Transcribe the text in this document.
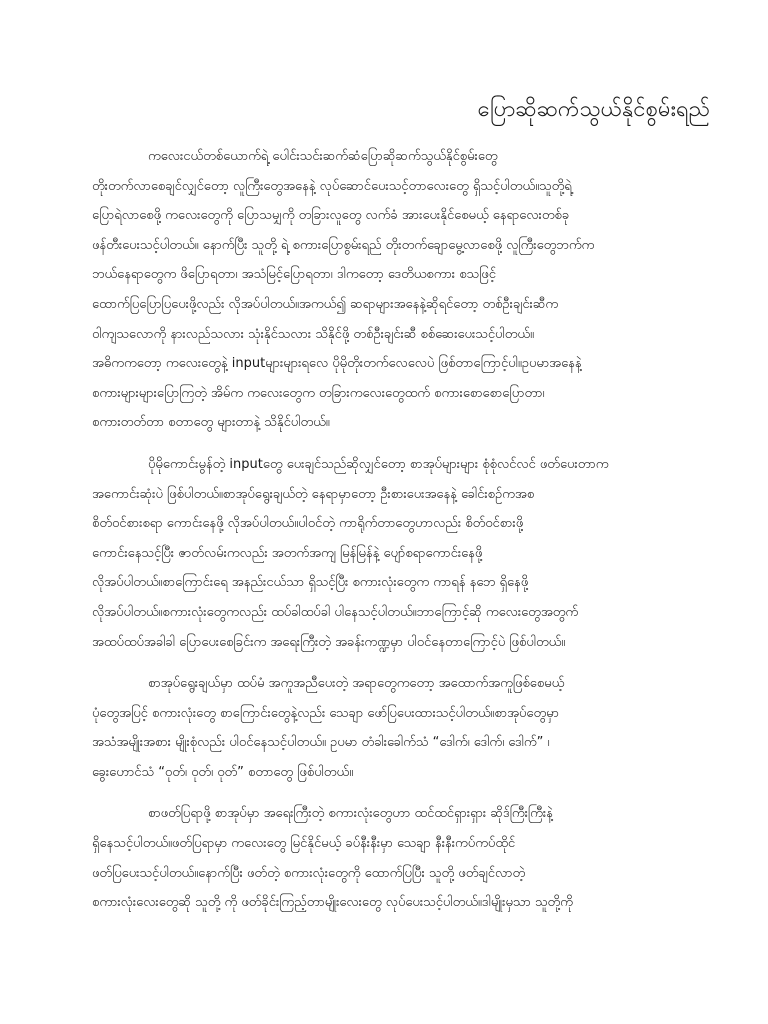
ပြောဆိုဆက်သွယ်နိုင်စွမ်းရည်
ကလေးငယ်တစ်ယောက်ရဲ့ ပေါင်းသင်းဆက်ဆံပြောဆိုဆက်သွယ်နိုင်စွမ်းတွေ
တိုးတက်လာစေချင်လျှင်တော့ လူကြီးတွေအနေနဲ့ လုပ်ဆောင်ပေးသင့်တာလေးတွေ ရှိသင့်ပါတယ်။သူတို့ရဲ့
ပြောရဲလာစေဖို့ ကလေးတွေကို ပြောသမျှကို တခြားလူတွေ လက်ခံ အားပေးနိုင်စေမယ့် နေရာလေးတစ်ခု
ဖန်တီးပေးသင့်ပါတယ်။ နောက်ပြီး သူတို့ ရဲ့ စကားပြောစွမ်းရည် တိုးတက်ချောမွေ့လာစေဖို့ လူကြီးတွေဘက်က
ဘယ်နေရာတွေက ဖိပြောရတာ၊ အသံမြင့်ပြောရတာ၊ ဒါကတော့ ဒေတိယစကား စသဖြင့်
ထောက်ပြပြောပြပေးဖို့လည်း လိုအပ်ပါတယ်။အကယ်၍ ဆရာများအနေနဲ့ဆိုရင်တော့ တစ်ဦးချင်းဆီက
ဝါကျသလောကို နားလည်သလား သုံးနိုင်သလား သိနိုင်ဖို့ တစ်ဦးချင်းဆီ စစ်ဆေးပေးသင့်ပါတယ်။
အဓိကကတော့ ကလေးတွေနဲ့ inputများများရလေ ပိုမိုတိုးတက်လေလေပဲ ဖြစ်တာကြောင့်ပါ။ဥပမာအနေနဲ့
စကားများများပြောကြတဲ့ အိမ်က ကလေးတွေက တခြားကလေးတွေထက် စကားစောစောပြောတာ၊
စကားတတ်တာ စတာတွေ များတာနဲ့ သိနိုင်ပါတယ်။
ပိုမိုကောင်းမွန်တဲ့ inputတွေ ပေးချင်သည်ဆိုလျှင်တော့ စာအုပ်များများ စုံစုံလင်လင် ဖတ်ပေးတာက
အကောင်းဆုံးပဲ ဖြစ်ပါတယ်။စာအုပ်ရွေးချယ်တဲ့ နေရာမှာတော့ ဦးစားပေးအနေနဲ့ ခေါင်းစဉ်ကအစ
စိတ်ဝင်စားစရာ ကောင်းနေဖို့ လိုအပ်ပါတယ်။ပါဝင်တဲ့ ကာရိုက်တာတွေဟာလည်း စိတ်ဝင်စားဖို့
ကောင်းနေသင့်ပြီး ဇာတ်လမ်းကလည်း အတက်အကျ မြန်မြန်နဲ့ ပျော်စရာကောင်းနေဖို့
လိုအပ်ပါတယ်။စာကြောင်းရေ အနည်းငယ်သာ ရှိသင့်ပြီး စကားလုံးတွေက ကာရန် နဘေ ရှိနေဖို့
လိုအပ်ပါတယ်။စကားလုံးတွေကလည်း ထပ်ခါထပ်ခါ ပါနေသင့်ပါတယ်။ဘာကြောင့်ဆို ကလေးတွေအတွက်
အထပ်ထပ်အခါခါ ပြောပေးစေခြင်းက အရေးကြီးတဲ့ အခန်းကဏ္ဍမှာ ပါဝင်နေတာကြောင့်ပဲ ဖြစ်ပါတယ်။
စာအုပ်ရွေးချယ်မှာ ထပ်မံ အကူအညီပေးတဲ့ အရာတွေကတော့ အထောက်အကူဖြစ်စေမယ့်
ပုံတွေအပြင့် စကားလုံးတွေ စာကြောင်းတွေနဲ့လည်း သေချာ ဖော်ပြပေးထားသင့်ပါတယ်။စာအုပ်တွေမှာ
အသံအမျိုးအစား မျိုးစုံလည်း ပါဝင်နေသင့်ပါတယ်။ ဥပမာ တံခါးခေါက်သံ “ဒေါက်၊ ဒေါက်၊ ဒေါက်” ၊
ခွေးဟောင်သံ “ဝုတ်၊ ဝုတ်၊ ဝုတ်” စတာတွေ ဖြစ်ပါတယ်။
စာဖတ်ပြရာဖို့ စာအုပ်မှာ အရေးကြီးတဲ့ စကားလုံးတွေဟာ ထင်ထင်ရှားရှား ဆိုဒ်ကြီးကြီးနဲ့
ရှိနေသင့်ပါတယ်။ဖတ်ပြရာမှာ ကလေးတွေ မြင်နိုင်မယ့် ခပ်နီးနီးမှာ သေချာ နီးနီးကပ်ကပ်ထိုင်
ဖတ်ပြပေးသင့်ပါတယ်။နောက်ပြီး ဖတ်တဲ့ စကားလုံးတွေကို ထောက်ပြပြီး သူတို့ ဖတ်ချင်လာတဲ့
စကားလုံးလေးတွေဆို သူတို့ ကို ဖတ်ခိုင်းကြည့်တာမျိုးလေးတွေ လုပ်ပေးသင့်ပါတယ်။ဒါမျိုးမှသာ သူတို့ကို
